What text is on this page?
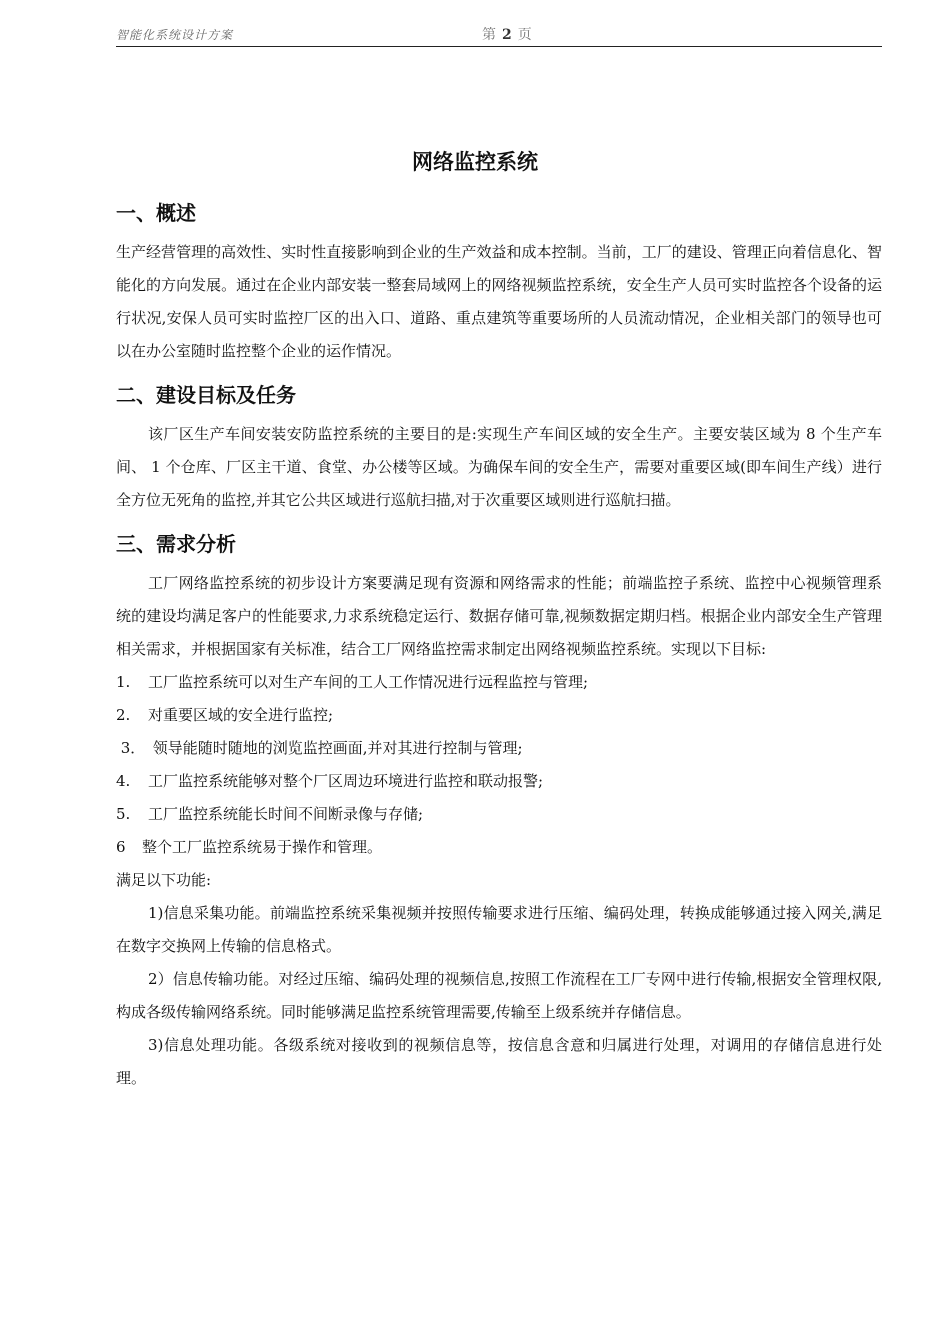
智能化系统设计方案	第2页
网络监控系统
一、概述

生产经营管理的高效性、实时性直接影响到企业的生产效益和成本控制。当前，工厂的建设、管理正向着信息化、智能化的方向发展。通过在企业内部安装一整套局域网上的网络视频监控系统，安全生产人员可实时监控各个设备的运行状况,安保人员可实时监控厂区的出入口、道路、重点建筑等重要场所的人员流动情况，企业相关部门的领导也可以在办公室随时监控整个企业的运作情况。

二、建设目标及任务

该厂区生产车间安装安防监控系统的主要目的是:实现生产车间区域的安全生产。主要安装区域为 8 个生产车间、 1 个仓库、厂区主干道、食堂、办公楼等区域。为确保车间的安全生产，需要对重要区域(即车间生产线）进行全方位无死角的监控,并其它公共区域进行巡航扫描,对于次重要区域则进行巡航扫描。

三、需求分析

工厂网络监控系统的初步设计方案要满足现有资源和网络需求的性能；前端监控子系统、监控中心视频管理系统的建设均满足客户的性能要求,力求系统稳定运行、数据存储可靠,视频数据定期归档。根据企业内部安全生产管理相关需求，并根据国家有关标准，结合工厂网络监控需求制定出网络视频监控系统。实现以下目标:

1. 工厂监控系统可以对生产车间的工人工作情况进行远程监控与管理;
2. 对重要区域的安全进行监控;
3． 领导能随时随地的浏览监控画面,并对其进行控制与管理;
4. 工厂监控系统能够对整个厂区周边环境进行监控和联动报警;
5. 工厂监控系统能长时间不间断录像与存储;
6 整个工厂监控系统易于操作和管理。

满足以下功能:

1)信息采集功能。前端监控系统采集视频并按照传输要求进行压缩、编码处理，转换成能够通过接入网关,满足在数字交换网上传输的信息格式。

2）信息传输功能。对经过压缩、编码处理的视频信息,按照工作流程在工厂专网中进行传输,根据安全管理权限,构成各级传输网络系统。同时能够满足监控系统管理需要,传输至上级系统并存储信息。

3)信息处理功能。各级系统对接收到的视频信息等，按信息含意和归属进行处理，对调用的存储信息进行处理。
